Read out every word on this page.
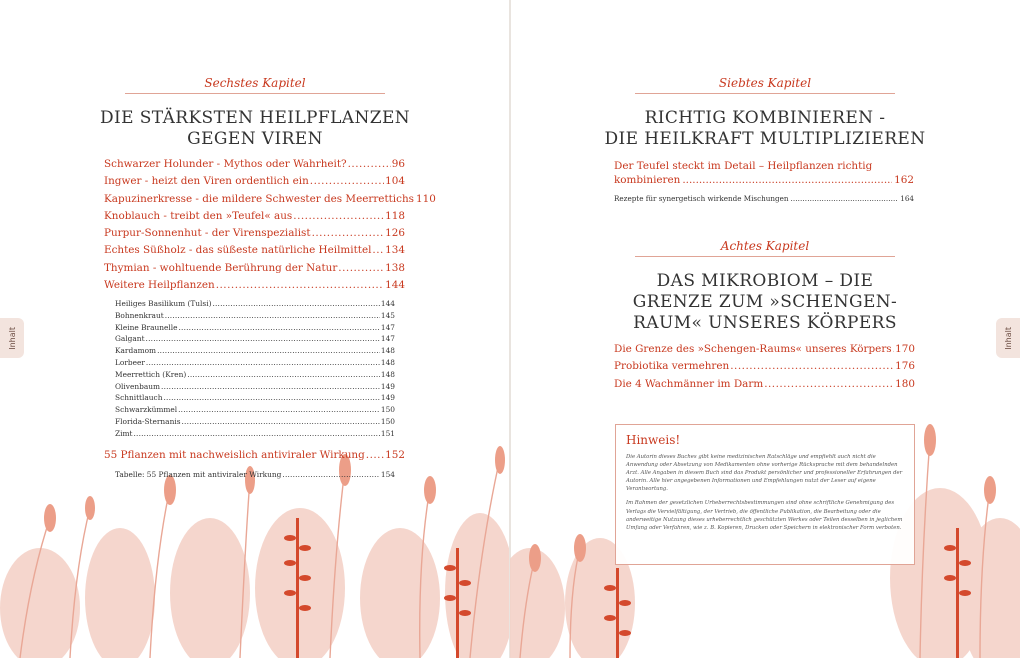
Inhalt
Sechstes Kapitel
DIE STÄRKSTEN HEILPFLANZEN
GEGEN VIREN
Schwarzer Holunder - Mythos oder Wahrheit? .....	96
Ingwer - heizt den Viren ordentlich ein .....	104
Kapuzinerkresse - die mildere Schwester des Meerrettichs 110
Knoblauch - treibt den »Teufel« aus .....	118
Purpur-Sonnenhut - der Virenspezialist .....	126
Echtes Süßholz - das süßeste natürliche Heilmittel ..... 134
Thymian - wohltuende Berührung der Natur .....	138
Weitere Heilpflanzen .....	144
Heiliges Basilikum (Tulsi) .....	144
Bohnenkraut .....	145
Kleine Braunelle .....	147
Galgant .....	147
Kardamom .....	148
Lorbeer .....	148
Meerrettich (Kren) .....	148
Olivenbaum .....	149
Schnittlauch .....	149
Schwarzkümmel .....	150
Florida-Sternanis .....	150
Zimt .....	151
55 Pflanzen mit nachweislich antiviraler Wirkung ..... 152
Tabelle: 55 Pflanzen mit antiviraler Wirkung .....	154
Inhalt
Siebtes Kapitel
RICHTIG KOMBINIEREN -
DIE HEILKRAFT MULTIPLIZIEREN
Der Teufel steckt im Detail – Heilpflanzen richtig
kombinieren .....	162
Rezepte für synergetisch wirkende Mischungen .....	164
Achtes Kapitel
DAS MIKROBIOM – DIE
GRENZE ZUM »SCHENGEN-
RAUM« UNSERES KÖRPERS
Die Grenze des »Schengen-Raums« unseres Körpers ..... 170
Probiotika vermehren .....	176
Die 4 Wachmänner im Darm .....	180
Hinweis!

Die Autorin dieses Buches gibt keine medizinischen Ratschläge und empfiehlt auch nicht die Anwendung oder Absetzung von Medikamenten ohne vorherige Rücksprache mit dem behandelnden Arzt. Alle Angaben in diesem Buch sind das Produkt persönlicher und professioneller Erfahrungen der Autorin. Alle hier angegebenen Informationen und Empfehlungen nutzt der Leser auf eigene Verantwortung.

Im Rahmen der gesetzlichen Urheberrechtsbestimmungen sind ohne schriftliche Genehmigung des Verlags die Vervielfältigung, der Vertrieb, die öffentliche Publikation, die Bearbeitung oder die anderweitige Nutzung dieses urheberrechtlich geschützten Werkes oder Teilen desselben in jeglichem Umfang oder Verfahren, wie z. B. Kopieren, Drucken oder Speichern in elektronischer Form verboten.
